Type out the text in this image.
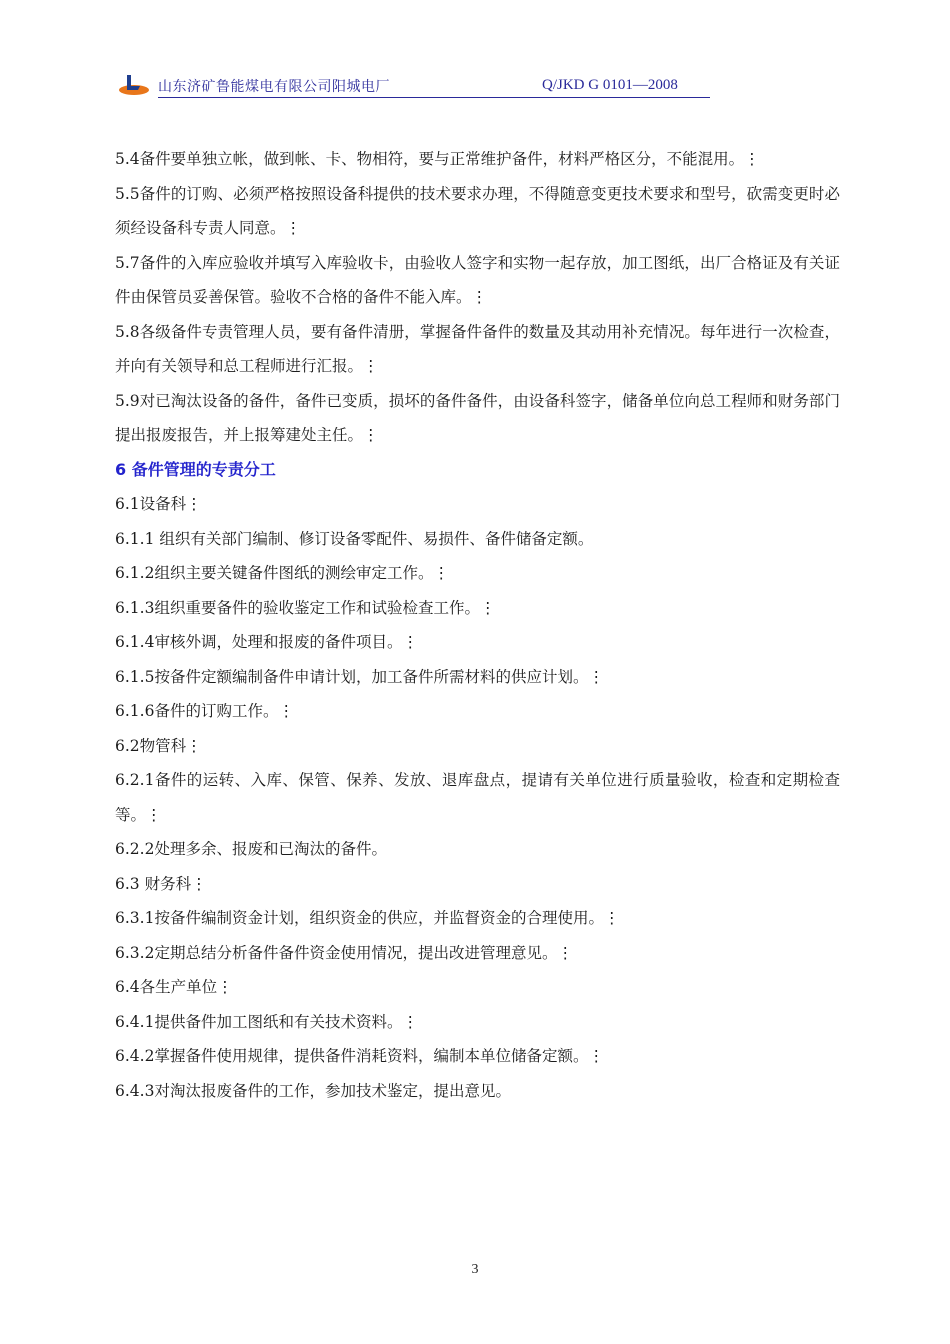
山东济矿鲁能煤电有限公司阳城电厂	Q/JKD G 0101—2008

5.4备件要单独立帐，做到帐、卡、物相符，要与正常维护备件，材料严格区分，不能混用。⋮

5.5备件的订购、必须严格按照设备科提供的技术要求办理，不得随意变更技术要求和型号，砍需变更时必须经设备科专责人同意。⋮

5.7备件的入库应验收并填写入库验收卡，由验收人签字和实物一起存放，加工图纸，出厂合格证及有关证件由保管员妥善保管。验收不合格的备件不能入库。⋮

5.8各级备件专责管理人员，要有备件清册，掌握备件备件的数量及其动用补充情况。每年进行一次检查，并向有关领导和总工程师进行汇报。⋮

5.9对已淘汰设备的备件，备件已变质，损坏的备件备件，由设备科签字，储备单位向总工程师和财务部门提出报废报告，并上报筹建处主任。⋮

6 备件管理的专责分工

6.1设备科⋮

6.1.1 组织有关部门编制、修订设备零配件、易损件、备件储备定额。

6.1.2组织主要关键备件图纸的测绘审定工作。⋮

6.1.3组织重要备件的验收鉴定工作和试验检查工作。⋮

6.1.4审核外调，处理和报废的备件项目。⋮

6.1.5按备件定额编制备件申请计划，加工备件所需材料的供应计划。⋮

6.1.6备件的订购工作。⋮

6.2物管科⋮

6.2.1备件的运转、入库、保管、保养、发放、退库盘点，提请有关单位进行质量验收，检查和定期检查等。⋮

6.2.2处理多余、报废和已淘汰的备件。

6.3 财务科⋮

6.3.1按备件编制资金计划，组织资金的供应，并监督资金的合理使用。⋮

6.3.2定期总结分析备件备件资金使用情况，提出改进管理意见。⋮

6.4各生产单位⋮

6.4.1提供备件加工图纸和有关技术资料。⋮

6.4.2掌握备件使用规律，提供备件消耗资料，编制本单位储备定额。⋮

6.4.3对淘汰报废备件的工作，参加技术鉴定，提出意见。

3
